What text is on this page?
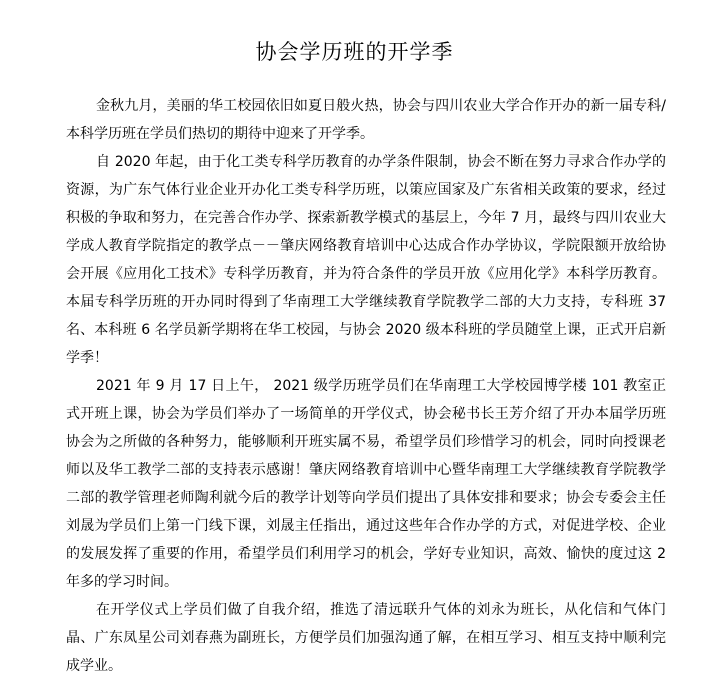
协会学历班的开学季

金秋九月，美丽的华工校园依旧如夏日般火热，协会与四川农业大学合作开办的新一届专科/本科学历班在学员们热切的期待中迎来了开学季。

自 2020 年起，由于化工类专科学历教育的办学条件限制，协会不断在努力寻求合作办学的资源，为广东气体行业企业开办化工类专科学历班，以策应国家及广东省相关政策的要求，经过积极的争取和努力，在完善合作办学、探索新教学模式的基层上，今年 7 月，最终与四川农业大学成人教育学院指定的教学点－－肇庆网络教育培训中心达成合作办学协议，学院限额开放给协会开展《应用化工技术》专科学历教育，并为符合条件的学员开放《应用化学》本科学历教育。本届专科学历班的开办同时得到了华南理工大学继续教育学院教学二部的大力支持，专科班 37 名、本科班 6 名学员新学期将在华工校园，与协会 2020 级本科班的学员随堂上课，正式开启新学季！

2021 年 9 月 17 日上午， 2021 级学历班学员们在华南理工大学校园博学楼 101 教室正式开班上课，协会为学员们举办了一场简单的开学仪式，协会秘书长王芳介绍了开办本届学历班协会为之所做的各种努力，能够顺利开班实属不易，希望学员们珍惜学习的机会，同时向授课老师以及华工教学二部的支持表示感谢！肇庆网络教育培训中心暨华南理工大学继续教育学院教学二部的教学管理老师陶利就今后的教学计划等向学员们提出了具体安排和要求；协会专委会主任刘晟为学员们上第一门线下课，刘晟主任指出，通过这些年合作办学的方式，对促进学校、企业的发展发挥了重要的作用，希望学员们利用学习的机会，学好专业知识，高效、愉快的度过这 2 年多的学习时间。

在开学仪式上学员们做了自我介绍，推选了清远联升气体的刘永为班长，从化信和气体门晶、广东凤星公司刘春燕为副班长，方便学员们加强沟通了解，在相互学习、相互支持中顺利完成学业。
